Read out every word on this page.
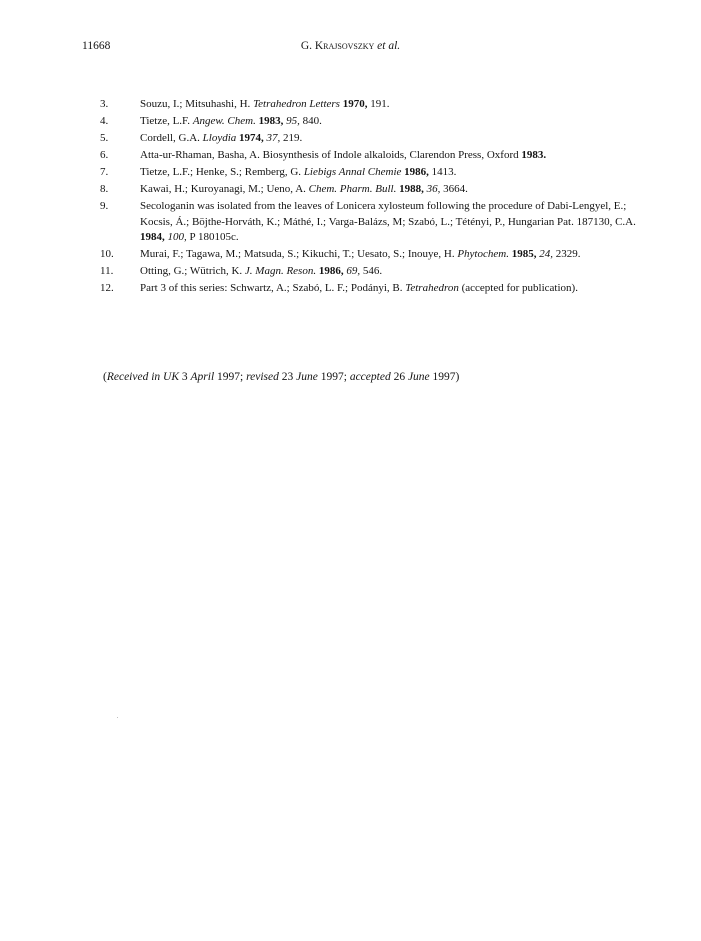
11668	G. Krajsovszky et al.
3.	Souzu, I.; Mitsuhashi, H. Tetrahedron Letters 1970, 191.
4.	Tietze, L.F. Angew. Chem. 1983, 95, 840.
5.	Cordell, G.A. Lloydia 1974, 37, 219.
6.	Atta-ur-Rhaman, Basha, A. Biosynthesis of Indole alkaloids, Clarendon Press, Oxford 1983.
7.	Tietze, L.F.; Henke, S.; Remberg, G. Liebigs Annal Chemie 1986, 1413.
8.	Kawai, H.; Kuroyanagi, M.; Ueno, A. Chem. Pharm. Bull. 1988, 36, 3664.
9.	Secologanin was isolated from the leaves of Lonicera xylosteum following the procedure of Dabi-Lengyel, E.; Kocsis, Á.; Böjthe-Horváth, K.; Máthé, I.; Varga-Balázs, M; Szabó, L.; Tétényi, P., Hungarian Pat. 187130, C.A. 1984, 100, P 180105c.
10. Murai, F.; Tagawa, M.; Matsuda, S.; Kikuchi, T.; Uesato, S.; Inouye, H. Phytochem. 1985, 24, 2329.
11. Otting, G.; Wütrich, K. J. Magn. Reson. 1986, 69, 546.
12. Part 3 of this series: Schwartz, A.; Szabó, L. F.; Podányi, B. Tetrahedron (accepted for publication).
(Received in UK 3 April 1997; revised 23 June 1997; accepted 26 June 1997)
